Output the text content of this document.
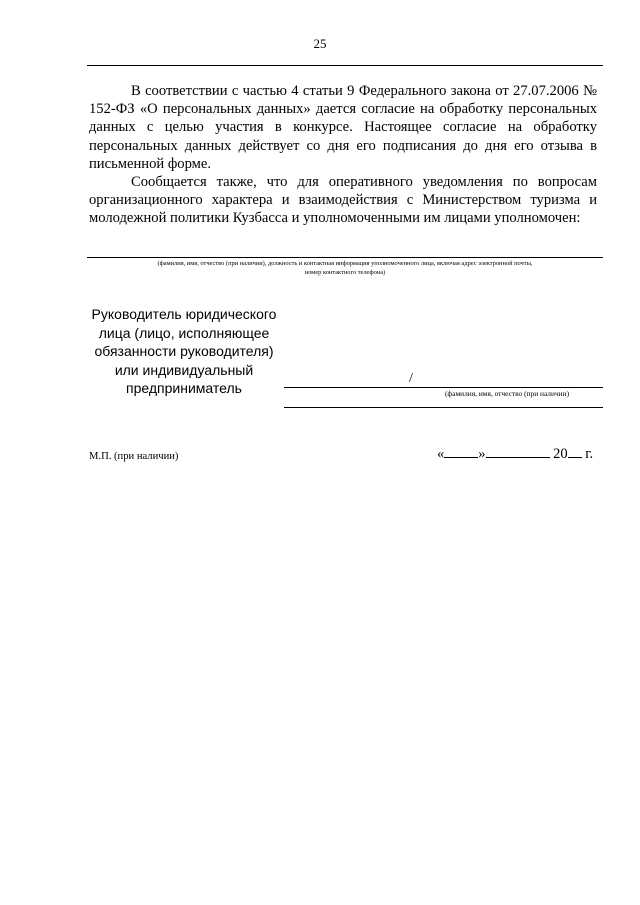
25

В соответствии с частью 4 статьи 9 Федерального закона от 27.07.2006 № 152-ФЗ «О персональных данных» дается согласие на обработку персональных данных с целью участия в конкурсе. Настоящее согласие на обработку персональных данных действует со дня его подписания до дня его отзыва в письменной форме.

Сообщается также, что для оперативного уведомления по вопросам организационного характера и взаимодействия с Министерством туризма и молодежной политики Кузбасса и уполномоченными им лицами уполномочен:

(фамилия, имя, отчество (при наличии), должность и контактная информация уполномоченного лица, включая адрес электронной почты,
номер контактного телефона)
Руководитель юридического
лица (лицо, исполняющее
обязанности руководителя)
или индивидуальный
предприниматель
/
(фамилия, имя, отчество (при наличии)
М.П. (при наличии)	« »	20 г.
